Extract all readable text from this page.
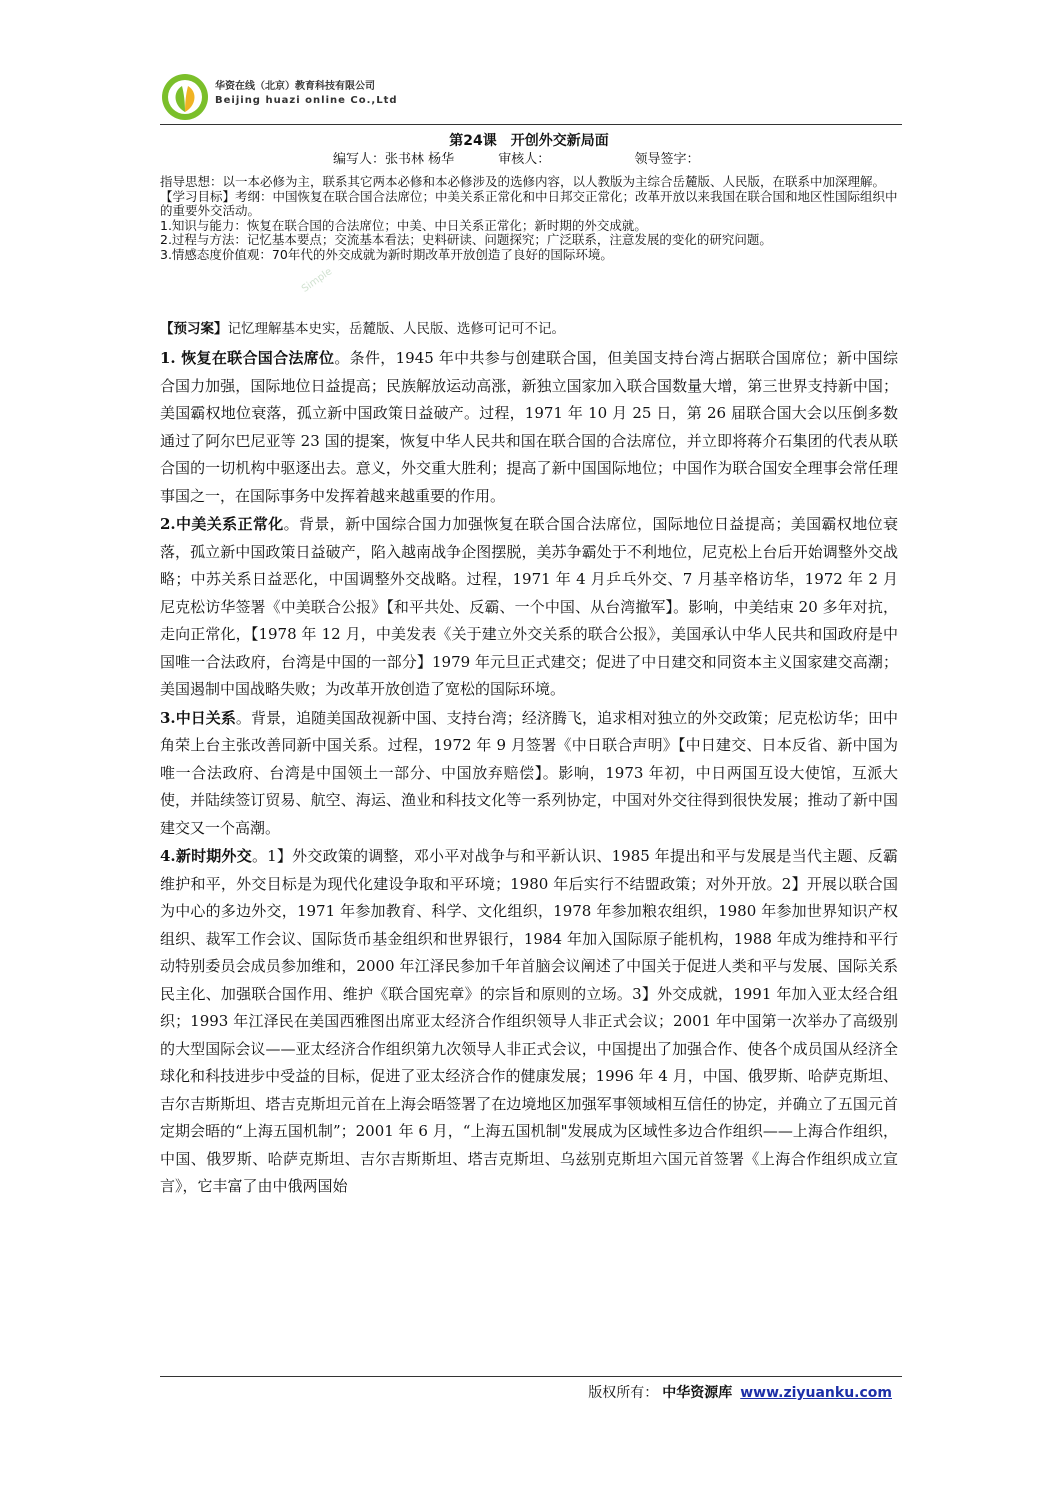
华资在线（北京）教育科技有限公司
Beijing huazi online Co.,Ltd
第24课　开创外交新局面
编写人：张书林 杨华	审核人：	领导签字：

指导思想：以一本必修为主，联系其它两本必修和本必修涉及的选修内容，以人教版为主综合岳麓版、人民版，在联系中加深理解。

【学习目标】考纲：中国恢复在联合国合法席位；中美关系正常化和中日邦交正常化；改革开放以来我国在联合国和地区性国际组织中的重要外交活动。

1.知识与能力：恢复在联合国的合法席位；中美、中日关系正常化；新时期的外交成就。

2.过程与方法：记忆基本要点；交流基本看法；史料研读、问题探究；广泛联系，注意发展的变化的研究问题。

3.情感态度价值观：70年代的外交成就为新时期改革开放创造了良好的国际环境。

Simple
【预习案】记忆理解基本史实，岳麓版、人民版、选修可记可不记。

1. 恢复在联合国合法席位。条件，1945 年中共参与创建联合国，但美国支持台湾占据联合国席位；新中国综合国力加强，国际地位日益提高；民族解放运动高涨，新独立国家加入联合国数量大增，第三世界支持新中国；美国霸权地位衰落，孤立新中国政策日益破产。过程，1971 年 10 月 25 日，第 26 届联合国大会以压倒多数通过了阿尔巴尼亚等 23 国的提案，恢复中华人民共和国在联合国的合法席位，并立即将蒋介石集团的代表从联合国的一切机构中驱逐出去。意义，外交重大胜利；提高了新中国国际地位；中国作为联合国安全理事会常任理事国之一，在国际事务中发挥着越来越重要的作用。

2.中美关系正常化。背景，新中国综合国力加强恢复在联合国合法席位，国际地位日益提高；美国霸权地位衰落，孤立新中国政策日益破产，陷入越南战争企图摆脱，美苏争霸处于不利地位，尼克松上台后开始调整外交战略；中苏关系日益恶化，中国调整外交战略。过程，1971 年 4 月乒乓外交、7 月基辛格访华，1972 年 2 月尼克松访华签署《中美联合公报》【和平共处、反霸、一个中国、从台湾撤军】。影响，中美结束 20 多年对抗，走向正常化，【1978 年 12 月，中美发表《关于建立外交关系的联合公报》，美国承认中华人民共和国政府是中国唯一合法政府，台湾是中国的一部分】1979 年元旦正式建交；促进了中日建交和同资本主义国家建交高潮；美国遏制中国战略失败；为改革开放创造了宽松的国际环境。

3.中日关系。背景，追随美国敌视新中国、支持台湾；经济腾飞，追求相对独立的外交政策；尼克松访华；田中角荣上台主张改善同新中国关系。过程，1972 年 9 月签署《中日联合声明》【中日建交、日本反省、新中国为唯一合法政府、台湾是中国领土一部分、中国放弃赔偿】。影响，1973 年初，中日两国互设大使馆，互派大使，并陆续签订贸易、航空、海运、渔业和科技文化等一系列协定，中国对外交往得到很快发展；推动了新中国建交又一个高潮。

4.新时期外交。1】外交政策的调整，邓小平对战争与和平新认识、1985 年提出和平与发展是当代主题、反霸维护和平，外交目标是为现代化建设争取和平环境；1980 年后实行不结盟政策；对外开放。2】开展以联合国为中心的多边外交，1971 年参加教育、科学、文化组织，1978 年参加粮农组织，1980 年参加世界知识产权组织、裁军工作会议、国际货币基金组织和世界银行，1984 年加入国际原子能机构，1988 年成为维持和平行动特别委员会成员参加维和，2000 年江泽民参加千年首脑会议阐述了中国关于促进人类和平与发展、国际关系民主化、加强联合国作用、维护《联合国宪章》的宗旨和原则的立场。3】外交成就，1991 年加入亚太经合组织；1993 年江泽民在美国西雅图出席亚太经济合作组织领导人非正式会议；2001 年中国第一次举办了高级别的大型国际会议——亚太经济合作组织第九次领导人非正式会议，中国提出了加强合作、使各个成员国从经济全球化和科技进步中受益的目标，促进了亚太经济合作的健康发展；1996 年 4 月，中国、俄罗斯、哈萨克斯坦、吉尔吉斯斯坦、塔吉克斯坦元首在上海会晤签署了在边境地区加强军事领域相互信任的协定，并确立了五国元首定期会晤的“上海五国机制”；2001 年 6 月，“上海五国机制"发展成为区域性多边合作组织——上海合作组织，中国、俄罗斯、哈萨克斯坦、吉尔吉斯斯坦、塔吉克斯坦、乌兹别克斯坦六国元首签署《上海合作组织成立宣言》，它丰富了由中俄两国始

版权所有： 中华资源库 www.ziyuanku.com
